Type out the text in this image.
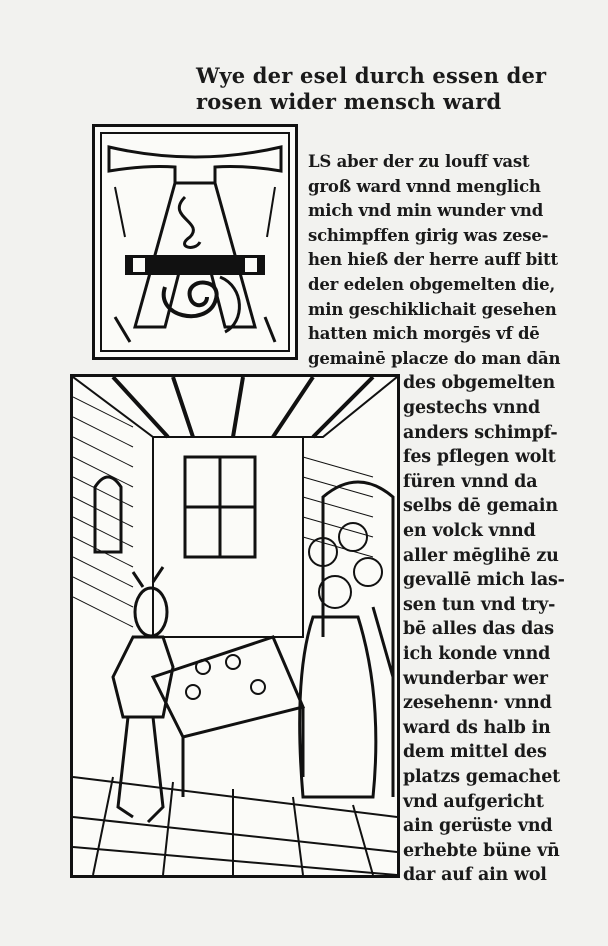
Wye der esel durch essen der
rosen wider mensch ward
LS aber der zu louff vast
groß ward vnnd menglich
mich vnd min wunder vnd
schimpffen girig was zese-
hen hieß der herre auff bitt
der edelen obgemelten die,
min geschiklichait gesehen
hatten mich morgēs vf dē
gemainē placze do man dān
des obgemelten
gestechs vnnd
anders schimpf-
fes pflegen wolt
füren vnnd da
selbs dē gemain
en volck vnnd
aller mēglihē zu
gevallē mich las-
sen tun vnd try-
bē alles das das
ich konde vnnd
wunderbar wer
zesehenn· vnnd
ward ds halb in
dem mittel des
platzs gemachet
vnd aufgericht
ain gerüste vnd
erhebte büne vn̄
dar auf ain wol
